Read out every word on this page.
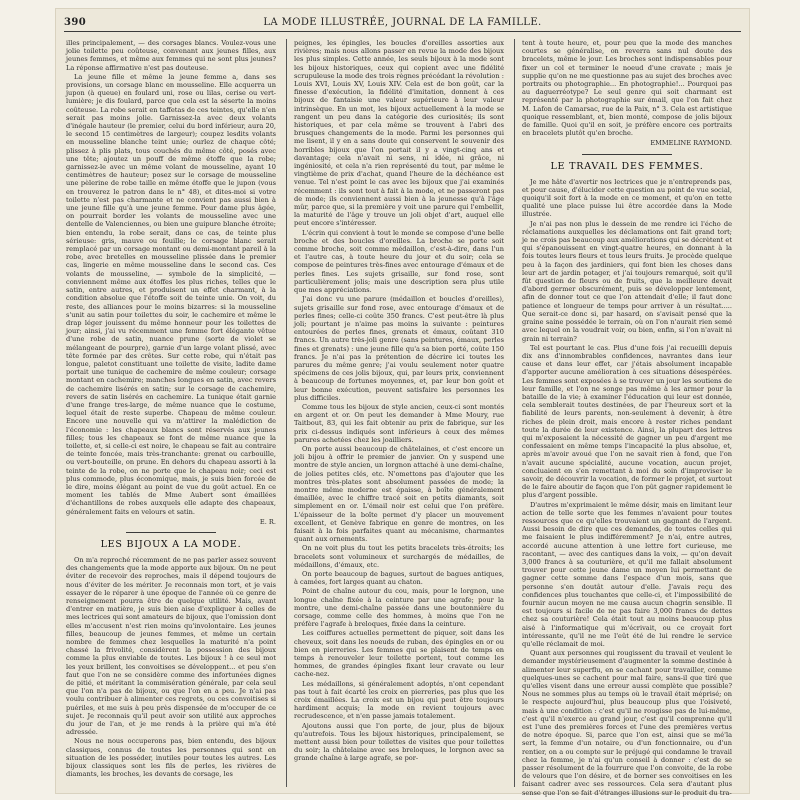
390	LA MODE ILLUSTRÉE, JOURNAL DE LA FAMILLE.

illes principalement, — des corsages blancs. Voulez-vous une jolie toilette peu coûteuse, convenant aux jeunes filles, aux jeunes femmes, et même aux femmes qui ne sont plus jeunes? La réponse affirmative n'est pas douteuse.

La jeune fille et même la jeune femme a, dans ses provisions, un corsage blanc en mousseline. Elle acquerra un jupon (à queue) en foulard uni, rose ou lilas, cerise ou vert-lumière; je dis foulard, parce que cela est la séserte la moins coûteuse. La robe serait en taffetas de ces teintes, qu'elle n'en serait pas moins jolie. Garnissez-la avec deux volants d'inégale hauteur (le premier, celui du bord inférieur, aura 20, le second 15 centimètres de largeur); coupez lesdits volants en mousseline blanche teint unie; ourlez de chaque côté; plissez à plis plats, tous couchés du même côté, posés avec une tête; ajoutez un pouff de même étoffe que la robe; garnissez-le avec un même volant de mousseline, ayant 10 centimètres de hauteur; posez sur le corsage de mousseline une pèlerine de robe taille en même étoffe que le jupon (vous en trouverez le patron dans le n° 48), et dites-moi si votre toilette n'est pas charmante et ne convient pas aussi bien à une jeune fille qu'à une jeune femme. Pour dame plus âgée, on pourrait border les volants de mousseline avec une dentelle de Valenciennes, ou bien une guipure blanche étroite; bien entendu, la robe serait, dans ce cas, de teinte plus sérieuse: gris, mauve ou feuille; le corsage blanc serait remplacé par un corsage montant ou demi-montant pareil à la robe, avec bretelles en mousseline plissée dans le premier cas, lingerie en même mousseline dans le second cas. Ces volants de mousseline, — symbole de la simplicité, — conviennent même aux étoffes les plus riches, telles que le satin, entre autres, et produisent un effet charmant, à la condition absolue que l'étoffe soit de teinte unie. On voit, du reste, des alliances pour le moins bizarres: si la mousseline s'unit au satin pour toilettes du soir, le cachemire et même le drap léger jouissent du même honneur pour les toilettes de jour; ainsi, j'ai vu récemment une femme fort élégante vêtue d'une robe de satin, nuance prune (sorte de violet se mélangeant de pourpre), garnie d'un large volant plissé, avec tête formée par des crêtes. Sur cette robe, qui n'était pas longue, paletot constituant une toilette de visite, ladite dame portait une tunique de cachemire de même couleur; corsage montant en cachemire; manches longues en satin, avec revers de cachemire lisérés en satin; sur le corsage de cachemire, revers de satin lisérés en cachemire. La tunique était garnie d'une frange tres-large, de même nuance que le costume, lequel était de reste superbe. Chapeau de même couleur. Encore une nouvelle qui va m'attirer la malédiction de l'économie : les chapeaux blancs sont réservés aux jeunes filles; tous les chapeaux se font de même nuance que la toilette, et, si celle-ci est noire, le chapeau se fait au contraire de teinte foncée, mais très-tranchante: grenat ou carbouille, ou vert-bouteille, on prune. En dehors du chapeau assorti à la teinte de la robe, on ne porte que le chapeau noir; ceci est plus commode, plus économique, mais, je suis bien forcée de le dire, moins élégant au point de vue du goût actuel. En ce moment les tablés de Mme Aubert sont émaillées d'échantillons de robes auxquels elle adapte des chapeaux, généralement faits en velours et satin.

E. R.
LES BIJOUX A LA MODE.

On m'a reproché récemment de ne pas parler assez souvent des changements que la mode apporte aux bijoux. On ne peut éviter de recevoir des reproches, mais il dépend toujours de nous d'éviter de les mériter. Je reconnais mon tort, et je vais essayer de le réparer à une époque de l'année où ce genre de renseignement pourra être de quelque utilité. Mais, avant d'entrer en matière, je suis bien aise d'expliquer à celles de mes lectrices qui sont amateurs de bijoux, que l'omission dont elles m'accusent n'est rien moins qu'involontaire. Les jeunes filles, beaucoup de jeunes femmes, et même un certain nombre de femmes chez lesquelles la maturité n'a point chassé la frivolité, considèrent la possession des bijoux comme la plus enviable de toutes. Les bijoux ! à ce seul mot les yeux brillent, les convoitises se développent... et peu s'en faut que l'on ne se considère comme des infortunées dignes de pitié, et méritant la commisération générale, par cela seul que l'on n'a pas de bijoux, ou que l'on en a peu. Je n'ai pas voulu contribuer à alimenter ces regrets, ou ces convoitises si puériles, et me suis à peu près dispensée de m'occuper de ce sujet. Je reconnais qu'il peut avoir son utilité aux approches du jour de l'an, et je me rends à la prière qui m'a été adressée.

Nous ne nous occuperons pas, bien entendu, des bijoux classiques, connus de toutes les personnes qui sont en situation de les posséder, inutiles pour toutes les autres. Les bijoux classiques sont les fils de perles, les rivières de diamants, les broches, les devants de corsage, les

peignes, les épingles, les boucles d'oreilles assorties aux rivières; mais nous allons passer en revue la mode des bijoux les plus simples. Cette année, les seuls bijoux à la mode sont les bijoux historiques, ceux qui copient avec une fidélité scrupuleuse la mode des trois règnes précédant la révolution : Louis XVI, Louis XV, Louis XIV. Cela est de bon goût, car la finesse d'exécution, la fidélité d'imitation, donnent à ces bijoux de fantaisie une valeur supérieure à leur valeur intrinsèque. En un mot, les bijoux actuellement à la mode se rangent un peu dans la catégorie des curiosités; ils sont historiques, et par cela même se trouvent à l'abri des brusques changements de la mode. Parmi les personnes qui me lisent, il y en a sans doute qui conservent le souvenir des horribles bijoux que l'on portait il y a vingt-cinq ans et davantage; cela n'avait ni sens, ni idée, ni grâce, ni ingéniosité, et cela n'a rien représenté du tout, par même le vingtième de prix d'achat, quand l'heure de la déchéance est venue. Tel n'est point le cas avec les bijoux que j'ai examinés récemment : ils sont tout à fait à la mode, et ne passeront pas de mode; ils conviennent aussi bien à la jeunesse qu'à l'âge mûr, parce que, si la première y voit une parure qui l'embellit, la maturité de l'âge y trouve un joli objet d'art, auquel elle peut encore s'intéresser.

L'écrin qui convient à tout le monde se compose d'une belle broche et des boucles d'oreilles. La broche se porte soit comme broche, soit comme médaillon, c'est-à-dire, dans l'un et l'autre cas, à toute heure du jour et du soir; cela se compose de peintures très-fines avec entourage d'émaux et de perles fines. Les sujets grisaille, sur fond rose, sont particulièrement jolis; mais une description sera plus utile que mes appréciations.

J'ai donc vu une parure (médaillon et boucles d'oreilles), sujets grisaille sur fond rose, avec entourage d'émaux et de perles fines; celle-ci coûte 350 francs. C'est peut-être là plus joli; pourtant je n'aime pas moins la suivante : peintures entourées de perles fines, grenats et émaux, coûtant 310 francs. Un autre très-joli genre (sans peintures, émaux, perles fines et grenats) : une jeune fille qu'a sa bien porté, coûte 150 francs. Je n'ai pas la prétention de décrire ici toutes les parures du même genre; j'ai voulu seulement noter quatre spécimens de ces jolis bijoux, qui, par leurs prix, conviennent à beaucoup de fortunes moyennes, et, par leur bon goût et leur bonne exécution, peuvent satisfaire les personnes les plus difficiles.

Comme tous les bijoux de style ancien, ceux-ci sont montés en argent et or. On peut les demander à Mme Moury, rue Taitbout, 83, qui les fait obtenir au prix de fabrique, sur les prix ci-dessus indiqués sont inférieurs à ceux des mêmes parures achetées chez les joailliers.

On porte aussi beaucoup de châtelaines, et c'est encore un joli bijou à offrir le premier de janvier. On y suspend une montre de style ancien, un lorgnon attaché à une demi-chaîne, de jolies petites clés, etc. N'omettons pas d'ajouter que les montres très-plates sont absolument passées de mode; la montre même moderne est épaisse, à boîte généralement émaillée, avec le chiffre tracé soit en petits diamants, soit simplement en or. L'émail noir est celui que l'on préfère. L'épaisseur de la boîte permet d'y placer un mouvement excellent, et Genève fabrique en genre de montres, on les faisait à la fois parfaites quant au mécanisme, charmantes quant aux ornements.

On ne voit plus du tout les petits bracelets très-étroits; les bracelets sont volumineux et surchargés de médailles, de médaillons, d'émaux, etc.

On porte beaucoup de bagues, surtout de bagues antiques, à camées, fort larges quant au chaton.

Point de chaîne autour du cou, mais, pour le lorgnon, une longue chaîne fixée à la ceinture par une agrafe; pour la montre, une demi-chaîne passée dans une boutonnière du corsage, comme celle des hommes, à moins que l'on ne préfère l'agrafe à breloques, fixée dans la ceinture.

Les coiffures actuelles permettent de piquer, soit dans les cheveux, soit dans les noeuds de ruban, des épingles en or ou bien en pierreries. Les femmes qui se plaisent de temps en temps à renouveler leur toilette portent, tout comme les hommes, de grandes épingles fixant leur cravate ou leur cache-nez.

Les médaillons, si généralement adoptés, n'ont cependant pas tout à fait écarté les croix en pierreries, pas plus que les croix émaillées. La croix est un bijou qui peut être toujours hardiment acquis; la mode en revient toujours avec recrudescence, et n'en passe jamais totalement.

Ajoutons aussi que l'on porte, de jour, plus de bijoux qu'autrefois. Tous les bijoux historiques, principalement, se mettent aussi bien pour toilettes de visites que pour toilettes du soir; la châtelaine avec ses breloques, le lorgnon avec sa grande chaîne à large agrafe, se por-

tent à toute heure, et, pour peu que la mode des manches courtes se généralise, on reverra sans nul doute des bracelets, même le jour. Les broches sont indispensables pour fixer un col et terminer le noeud d'une cravate ; mais je supplie qu'on ne me questionne pas au sujet des broches avec portraits ou photographie... En photographie!... Pourquoi pas au daguerréotype? Le seul genre qui soit charmant est représenté par la photographie sur émail, que l'on fait chez M. Lafon de Camarsac, rue de la Paix, n° 3. Cela est artistique quoique ressemblant, et, bien monté, compose de jolis bijoux de famille. Quoi qu'il en soit, je préfère encore ces portraits en bracelets plutôt qu'en broche.

EMMELINE RAYMOND.
LE TRAVAIL DES FEMMES.

Je me hâte d'avertir nos lectrices que je n'entreprends pas, et pour cause, d'élucider cette question au point de vue social, quoiqu'il soit fort à la mode en ce moment, et qu'on en tette qualité une place puisse lui être accordée dans la Mode illustrée.

Je n'ai pas non plus le dessein de me rendre ici l'écho de réclamations auxquelles les déclamations ont fait grand tort; je ne crois pas beaucoup aux améliorations qui se décrètent et qui s'épanouissent en vingt-quatre heures, en donnant à la fois toutes leurs fleurs et tous leurs fruits. Je procède quelque peu à la façon des jardiniers, qui font bien les choses dans leur art de jardin potager, et j'ai toujours remarqué, soit qu'il fût question de fleurs ou de fruits, que la meilleure devait d'abord germer obscurément, puis se développer lentement, afin de donner tout ce que l'on attendait d'elle; il faut donc patience et longueur de temps pour arriver à un résultat..... Que serait-ce donc si, par hasard, on s'avisait pensé que la graine saine possédée le terrain, où on l'on n'aurait rien semé avec lequel on la voudrait voir, ou bien, enfin, si l'on n'avait ni grain ni terrain?

Tel est pourtant le cas. Plus d'une fois j'ai recueilli depuis dix ans d'innombrables confidences, navrantes dans leur cause et dans leur effet, car j'étais absolument incapable d'apporter aucune amélioration à ces situations désespérées. Les femmes sont exposées à se trouver un jour les soutiens de leur famille, et l'on ne songe pas même à les armer pour la bataille de la vie; à examiner l'éducation qui leur est donnée, cela semblerait toutes destinées, de par l'heureux sort et la fiabilité de leurs parents, non-seulement à devenir, à être riches de plein droit, mais encore à rester riches pendant toute la durée de leur existence. Ainsi, la plupart des lettres qui m'exposaient la nécessité de gagner un peu d'argent me confessaient en même temps l'incapacité la plus absolue, et, après m'avoir avoué que l'on ne savait rien à fond, que l'on n'avait aucune spécialité, aucune vocation, aucun projet, concluaient en s'en remettant à moi du soin d'improviser le savoir, de découvrir la vocation, de former le projet, et surtout de le faire aboutir de façon que l'on pût gagner rapidement le plus d'argent possible.

D'autres m'exprimaient le même désir, mais en limitant leur action de telle sorte que les femmes n'avaient pour toutes ressources que ce qu'elles trouvaient un gagnant de l'argent. Aussi besoin de dire que ces demandes, de toutes celles qui me faisaient le plus indifféremment? Je n'ai, entre autres, accordé aucune attention à une lettre fort curieuse, me racontant, — avec des cantiques dans la voix, — qu'on devait 3,000 francs à sa couturière, et qu'il me fallait absolument trouver pour cette jeune dame un moyen lui permettant de gagner cette somme dans l'espace d'un mois, sans que personne s'en doutât autour d'elle. J'avais reçu des confidences plus touchantes que celle-ci, et l'impossibilité de fournir aucun moyen ne me causa aucun chagrin sensible. Il est toujours si facile de ne pas faire 3,000 francs de dettes chez sa couturière! Cela était tout au moins beaucoup plus aisé à l'informatique qui m'écrivait, ou ce croyait fort intéressante, qu'il ne me l'eût été de lui rendre le service qu'elle réclamait de moi.

Quant aux personnes qui rougissent du travail et veulent le demander mystérieusement d'augmenter la somme destinée à alimenter leur superflu, en se cachant pour travailler, comme quelques-unes se cachent pour mal faire, sans-il que tiré que qu'elles visent dans une erreur aussi complète que possible? Nous ne sommes plus au temps où le travail était méprisé; on le respecte aujourd'hui, plus beaucoup plus que l'oisiveté, mais à une condition : c'est qu'il ne rougisse pas de lui-même, c'est qu'il n'exerce au grand jour, c'est qu'il comprenne qu'il est l'une des premières forces et l'une des premières vertus de notre époque. Si, parce que l'on est, ainsi que se mé'la sert, la femme d'un notaire, ou d'un fonctionnaire, ou d'un rentier, on a ou compte sur le préjugé qui condamne le travail chez la femme, je n'ai qu'un conseil à donner : c'est de se passer résolument de la fourrure que l'on convoite, de la robe de velours que l'on désire, et de borner ses convoitises en les faisant cadrer avec ses ressources. Cela sera d'autant plus sense que l'on se fait d'étranges illusions sur le produit du tra-
